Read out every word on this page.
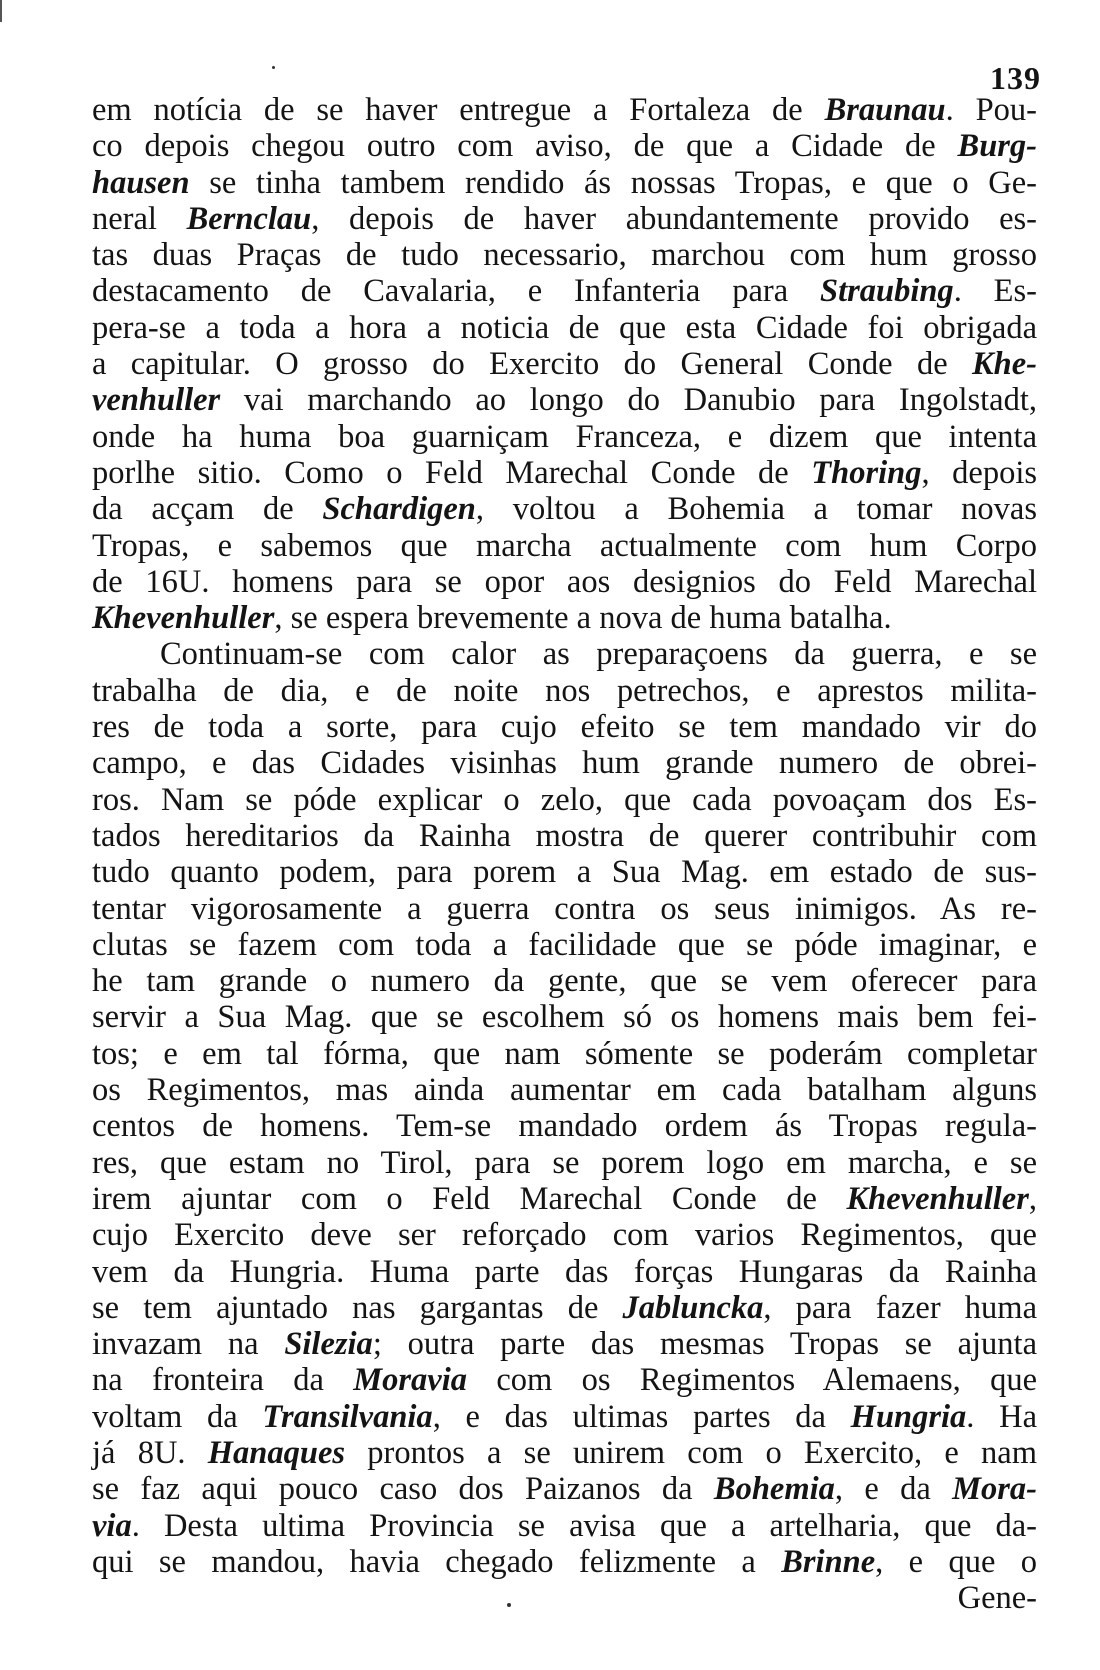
139
em notícia de se haver entregue a Fortaleza de Braunau. Pou-
co depois chegou outro com aviso, de que a Cidade de Burg-
hausen se tinha tambem rendido ás nossas Tropas, e que o Ge-
neral Bernclau, depois de haver abundantemente provido es-
tas duas Praças de tudo necessario, marchou com hum grosso
destacamento de Cavalaria, e Infanteria para Straubing. Es-
pera-se a toda a hora a noticia de que esta Cidade foi obrigada
a capitular. O grosso do Exercito do General Conde de Khe-
venhuller vai marchando ao longo do Danubio para Ingolstadt,
onde ha huma boa guarniçam Franceza, e dizem que intenta
porlhe sitio. Como o Feld Marechal Conde de Thoring, depois
da acçam de Schardigen, voltou a Bohemia a tomar novas
Tropas, e sabemos que marcha actualmente com hum Corpo
de 16U. homens para se opor aos designios do Feld Marechal
Khevenhuller, se espera brevemente a nova de huma batalha.
Continuam-se com calor as preparaçoens da guerra, e se
trabalha de dia, e de noite nos petrechos, e aprestos milita-
res de toda a sorte, para cujo efeito se tem mandado vir do
campo, e das Cidades visinhas hum grande numero de obrei-
ros. Nam se póde explicar o zelo, que cada povoaçam dos Es-
tados hereditarios da Rainha mostra de querer contribuhir com
tudo quanto podem, para porem a Sua Mag. em estado de sus-
tentar vigorosamente a guerra contra os seus inimigos. As re-
clutas se fazem com toda a facilidade que se póde imaginar, e
he tam grande o numero da gente, que se vem oferecer para
servir a Sua Mag. que se escolhem só os homens mais bem fei-
tos; e em tal fórma, que nam sómente se poderám completar
os Regimentos, mas ainda aumentar em cada batalham alguns
centos de homens. Tem-se mandado ordem ás Tropas regula-
res, que estam no Tirol, para se porem logo em marcha, e se
irem ajuntar com o Feld Marechal Conde de Khevenhuller,
cujo Exercito deve ser reforçado com varios Regimentos, que
vem da Hungria. Huma parte das forças Hungaras da Rainha
se tem ajuntado nas gargantas de Jabluncka, para fazer huma
invazam na Silezia; outra parte das mesmas Tropas se ajunta
na fronteira da Moravia com os Regimentos Alemaens, que
voltam da Transilvania, e das ultimas partes da Hungria. Ha
já 8U. Hanaques prontos a se unirem com o Exercito, e nam
se faz aqui pouco caso dos Paizanos da Bohemia, e da Mora-
via. Desta ultima Provincia se avisa que a artelharia, que da-
qui se mandou, havia chegado felizmente a Brinne, e que o
Gene-
